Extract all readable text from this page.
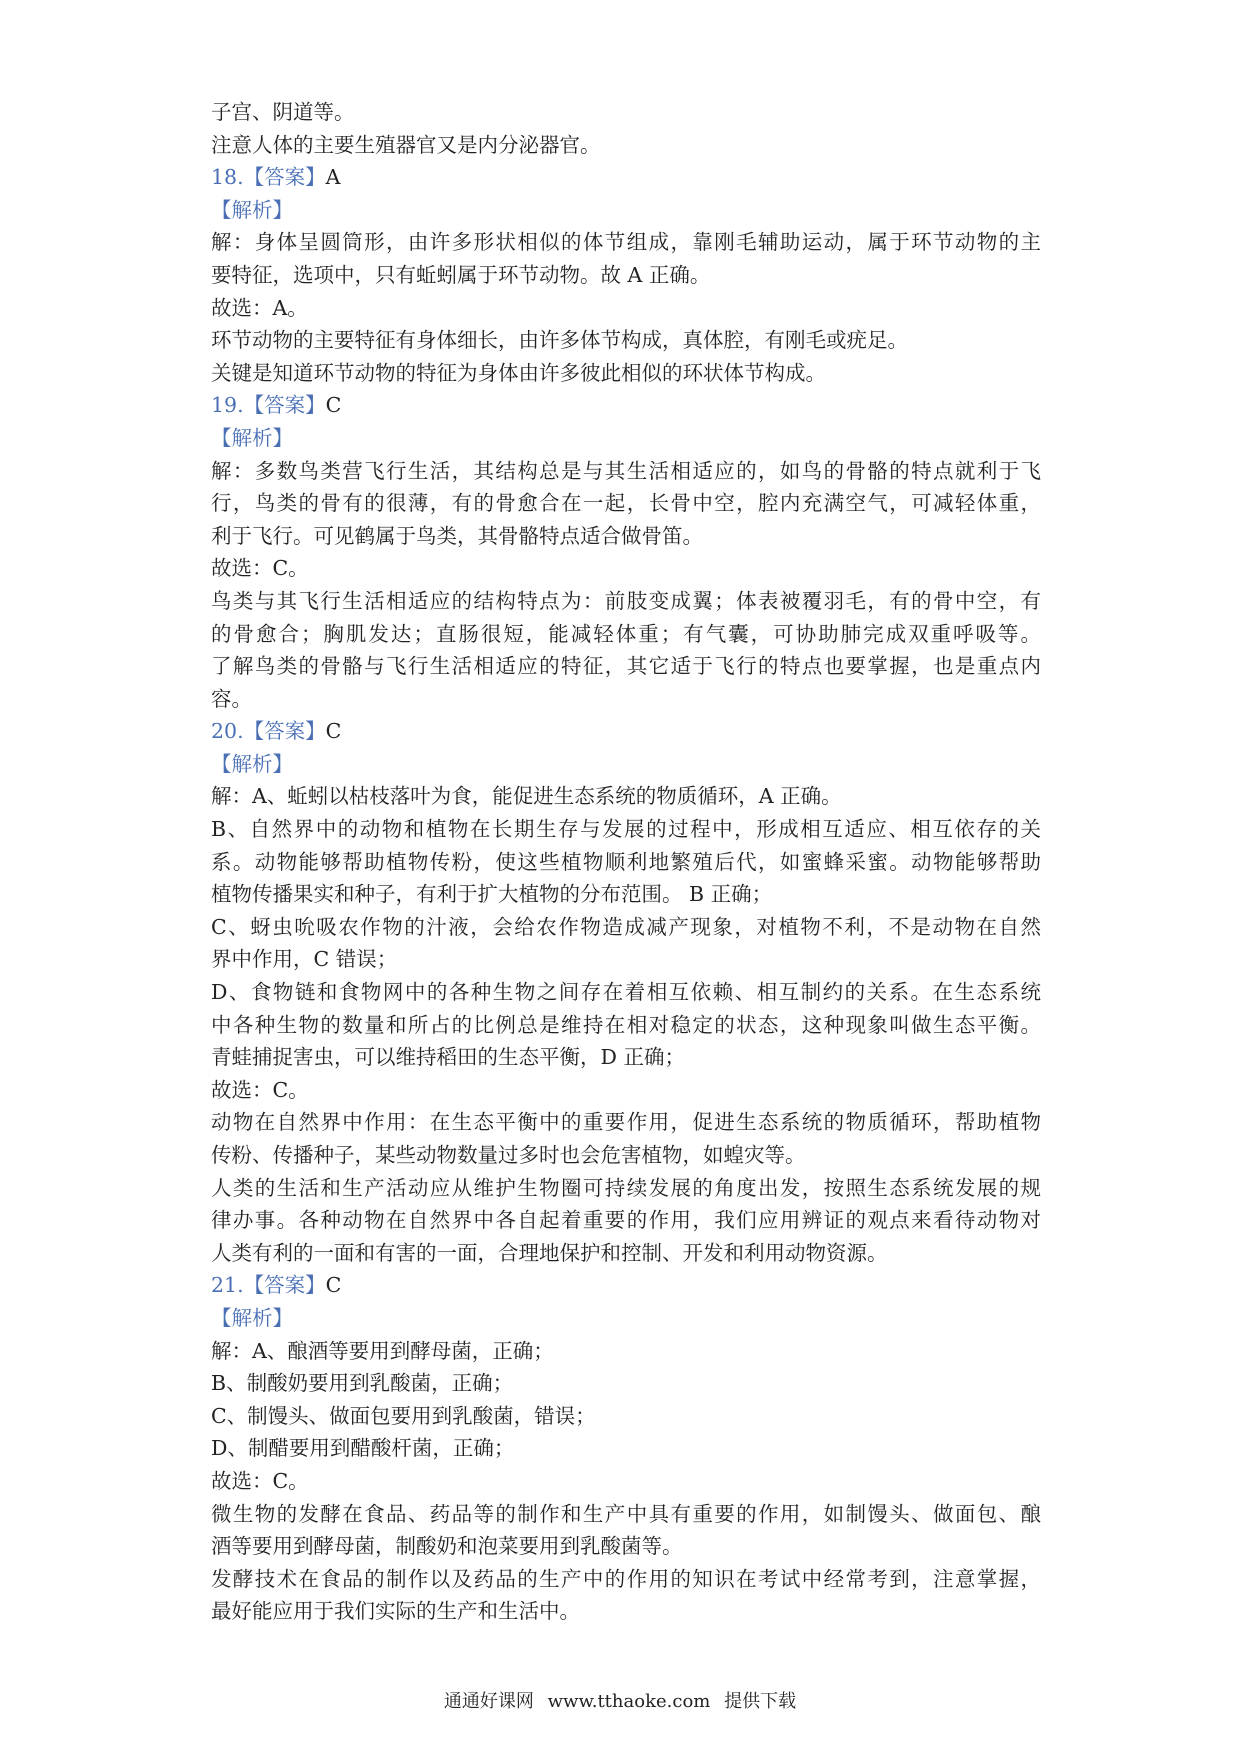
子宫、阴道等。
注意人体的主要生殖器官又是内分泌器官。
18.【答案】A
【解析】
解：身体呈圆筒形，由许多形状相似的体节组成，靠刚毛辅助运动，属于环节动物的主
要特征，选项中，只有蚯蚓属于环节动物。故 A 正确。
故选：A。
环节动物的主要特征有身体细长，由许多体节构成，真体腔，有刚毛或疣足。
关键是知道环节动物的特征为身体由许多彼此相似的环状体节构成。
19.【答案】C
【解析】
解：多数鸟类营飞行生活，其结构总是与其生活相适应的，如鸟的骨骼的特点就利于飞
行，鸟类的骨有的很薄，有的骨愈合在一起，长骨中空，腔内充满空气，可减轻体重，
利于飞行。可见鹤属于鸟类，其骨骼特点适合做骨笛。
故选：C。
鸟类与其飞行生活相适应的结构特点为：前肢变成翼；体表被覆羽毛，有的骨中空，有
的骨愈合；胸肌发达；直肠很短，能减轻体重；有气囊，可协助肺完成双重呼吸等。
了解鸟类的骨骼与飞行生活相适应的特征，其它适于飞行的特点也要掌握，也是重点内
容。
20.【答案】C
【解析】
解：A、蚯蚓以枯枝落叶为食，能促进生态系统的物质循环，A 正确。
B、自然界中的动物和植物在长期生存与发展的过程中，形成相互适应、相互依存的关
系。动物能够帮助植物传粉，使这些植物顺利地繁殖后代，如蜜蜂采蜜。动物能够帮助
植物传播果实和种子，有利于扩大植物的分布范围。 B 正确；
C、蚜虫吮吸农作物的汁液，会给农作物造成减产现象，对植物不利，不是动物在自然
界中作用，C 错误；
D、食物链和食物网中的各种生物之间存在着相互依赖、相互制约的关系。在生态系统
中各种生物的数量和所占的比例总是维持在相对稳定的状态，这种现象叫做生态平衡。
青蛙捕捉害虫，可以维持稻田的生态平衡，D 正确；
故选：C。
动物在自然界中作用：在生态平衡中的重要作用，促进生态系统的物质循环，帮助植物
传粉、传播种子，某些动物数量过多时也会危害植物，如蝗灾等。
人类的生活和生产活动应从维护生物圈可持续发展的角度出发，按照生态系统发展的规
律办事。各种动物在自然界中各自起着重要的作用，我们应用辨证的观点来看待动物对
人类有利的一面和有害的一面，合理地保护和控制、开发和利用动物资源。
21.【答案】C
【解析】
解：A、酿酒等要用到酵母菌，正确；
B、制酸奶要用到乳酸菌，正确；
C、制馒头、做面包要用到乳酸菌，错误；
D、制醋要用到醋酸杆菌，正确；
故选：C。
微生物的发酵在食品、药品等的制作和生产中具有重要的作用，如制馒头、做面包、酿
酒等要用到酵母菌，制酸奶和泡菜要用到乳酸菌等。
发酵技术在食品的制作以及药品的生产中的作用的知识在考试中经常考到，注意掌握，
最好能应用于我们实际的生产和生活中。
通通好课网 www.tthaoke.com 提供下载
